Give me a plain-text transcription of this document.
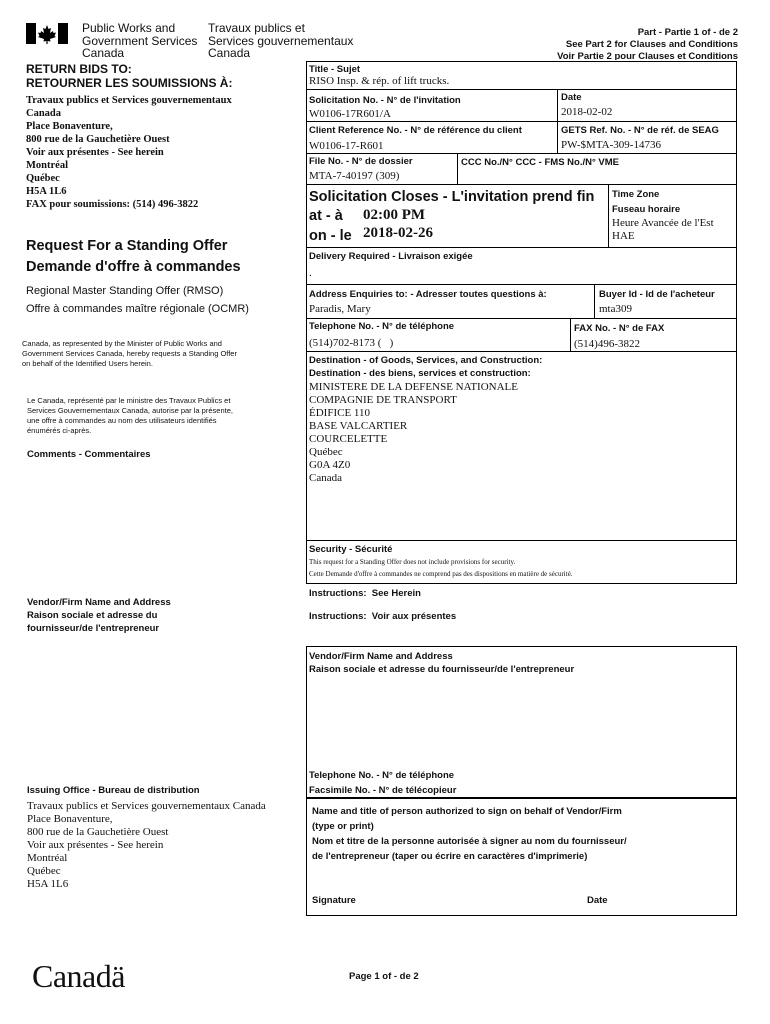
Public Works and
Government Services
Canada
Travaux publics et
Services gouvernementaux
Canada
Part - Partie 1 of - de 2
See Part 2 for Clauses and Conditions
Voir Partie 2 pour Clauses et Conditions
RETURN BIDS TO:
RETOURNER LES SOUMISSIONS À:
Travaux publics et Services gouvernementaux
Canada
Place Bonaventure,
800 rue de la Gauchetière Ouest
Voir aux présentes - See herein
Montréal
Québec
H5A 1L6
FAX pour soumissions: (514) 496-3822
Request For a Standing Offer
Demande d'offre à commandes
Regional Master Standing Offer (RMSO)
Offre à commandes maître régionale (OCMR)
Canada, as represented by the Minister of Public Works and
Government Services Canada, hereby requests a Standing Offer
on behalf of the Identified Users herein.
Le Canada, représenté par le ministre des Travaux Publics et
Services Gouvernementaux Canada, autorise par la présente,
une offre à commandes au nom des utilisateurs identifiés
énumérés ci-après.
Comments - Commentaires
Vendor/Firm Name and Address
Raison sociale et adresse du
fournisseur/de l'entrepreneur
Issuing Office - Bureau de distribution
Travaux publics et Services gouvernementaux Canada
Place Bonaventure,
800 rue de la Gauchetière Ouest
Voir aux présentes - See herein
Montréal
Québec
H5A 1L6
Title - Sujet
RISO Insp. & rép. of lift trucks.
Solicitation No. - N° de l'invitation
W0106-17R601/A
Date
2018-02-02
Client Reference No. - N° de référence du client
W0106-17-R601
GETS Ref. No. - N° de réf. de SEAG
PW-$MTA-309-14736
File No. - N° de dossier
MTA-7-40197 (309)
CCC No./N° CCC - FMS No./N° VME
Solicitation Closes - L'invitation prend fin
at - à 02:00 PM
on - le 2018-02-26
Time Zone
Fuseau horaire
Heure Avancée de l'Est
HAE
Delivery Required - Livraison exigée
.
Address Enquiries to: - Adresser toutes questions à:
Paradis, Mary
Buyer Id - Id de l'acheteur
mta309
Telephone No. - N° de téléphone
(514)702-8173 (   )
FAX No. - N° de FAX
(514)496-3822
Destination - of Goods, Services, and Construction:
Destination - des biens, services et construction:
MINISTERE DE LA DEFENSE NATIONALE
COMPAGNIE DE TRANSPORT
ÉDIFICE 110
BASE VALCARTIER
COURCELETTE
Québec
G0A 4Z0
Canada
Security - Sécurité
This request for a Standing Offer does not include provisions for security.
Cette Demande d'offre à commandes ne comprend pas des dispositions en matière de sécurité.
Instructions:  See Herein
Instructions:  Voir aux présentes
Vendor/Firm Name and Address
Raison sociale et adresse du fournisseur/de l'entrepreneur
Telephone No. - N° de téléphone
Facsimile No. - N° de télécopieur
Name and title of person authorized to sign on behalf of Vendor/Firm
(type or print)
Nom et titre de la personne autorisée à signer au nom du fournisseur/
de l'entrepreneur (taper ou écrire en caractères d'imprimerie)
Signature	Date
Canadä	Page 1 of - de 2
